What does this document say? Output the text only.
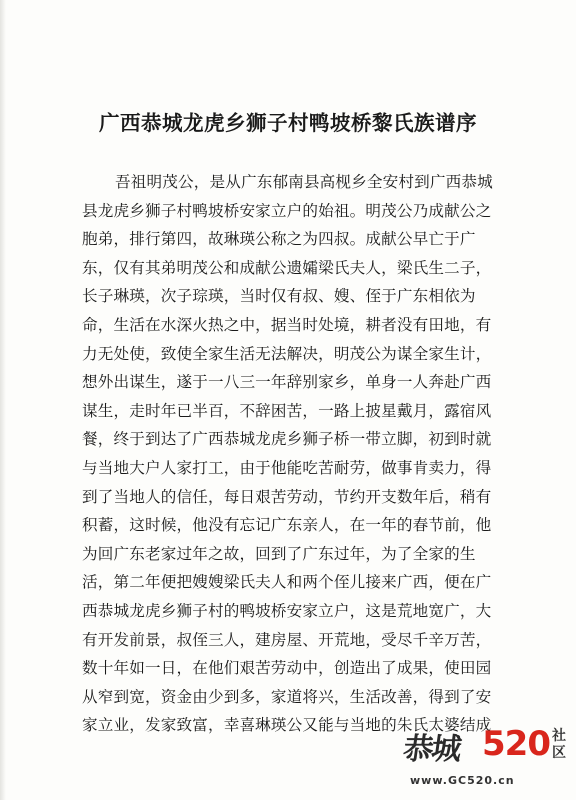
广西恭城龙虎乡狮子村鸭坡桥黎氏族谱序
吾祖明茂公，是从广东郁南县高枧乡全安村到广西恭城
县龙虎乡狮子村鸭坡桥安家立户的始祖。明茂公乃成献公之
胞弟，排行第四，故琳瑛公称之为四叔。成献公早亡于广
东，仅有其弟明茂公和成献公遗孀梁氏夫人，梁氏生二子，
长子琳瑛，次子琮瑛，当时仅有叔、嫂、侄于广东相依为
命，生活在水深火热之中，据当时处境，耕者没有田地，有
力无处使，致使全家生活无法解决，明茂公为谋全家生计，
想外出谋生，遂于一八三一年辞别家乡，单身一人奔赴广西
谋生，走时年已半百，不辞困苦，一路上披星戴月，露宿风
餐，终于到达了广西恭城龙虎乡狮子桥一带立脚，初到时就
与当地大户人家打工，由于他能吃苦耐劳，做事肯卖力，得
到了当地人的信任，每日艰苦劳动，节约开支数年后，稍有
积蓄，这时候，他没有忘记广东亲人，在一年的春节前，他
为回广东老家过年之故，回到了广东过年，为了全家的生
活，第二年便把嫂嫂梁氏夫人和两个侄儿接来广西，便在广
西恭城龙虎乡狮子村的鸭坡桥安家立户，这是荒地宽广，大
有开发前景，叔侄三人，建房屋、开荒地，受尽千辛万苦，
数十年如一日，在他们艰苦劳动中，创造出了成果，使田园
从窄到宽，资金由少到多，家道将兴，生活改善，得到了安
家立业，发家致富，幸喜琳瑛公又能与当地的朱氏太婆结成
恭城 520 社区
www.GC520.cn
